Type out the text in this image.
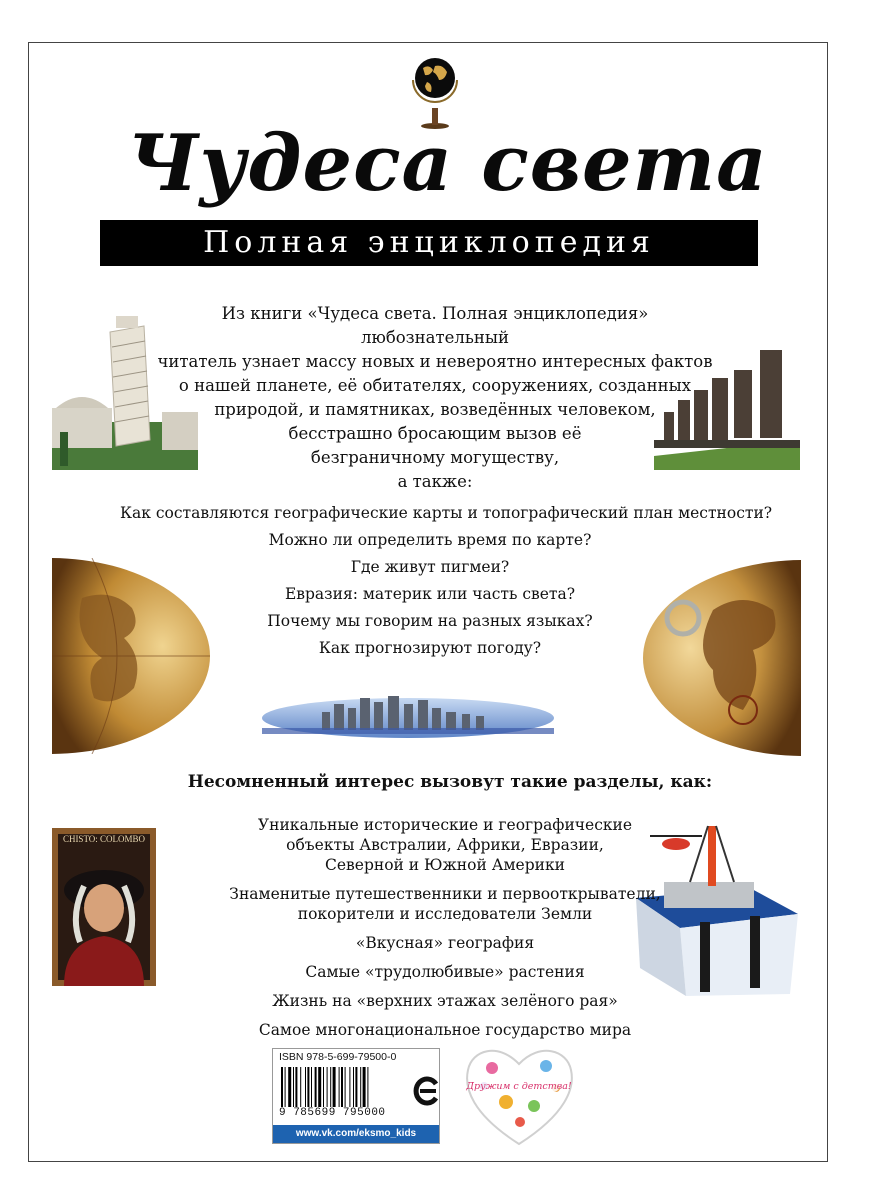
Чудеса света
Полная энциклопедия
Из книги «Чудеса света. Полная энциклопедия» любознательный
читатель узнает массу новых и невероятно интересных фактов
о нашей планете, её обитателях, сооружениях, созданных
природой, и памятниках, возведённых человеком,
бесстрашно бросающим вызов её
безграничному могуществу,
а также:
Как составляются географические карты и топографический план местности?
Можно ли определить время по карте?
Где живут пигмеи?
Евразия: материк или часть света?
Почему мы говорим на разных языках?
Как прогнозируют погоду?
Несомненный интерес вызовут такие разделы, как:
CHISTO: COLOMBO
Уникальные исторические и географические
объекты Австралии, Африки, Евразии,
Северной и Южной Америки
Знаменитые путешественники и первооткрыватели,
покорители и исследователи Земли
«Вкусная» география
Самые «трудолюбивые» растения
Жизнь на «верхних этажах зелёного рая»
Самое многонациональное государство мира
ISBN 978-5-699-79500-0
9 785699 795000
www.vk.com/eksmo_kids
Дружим с детства!
